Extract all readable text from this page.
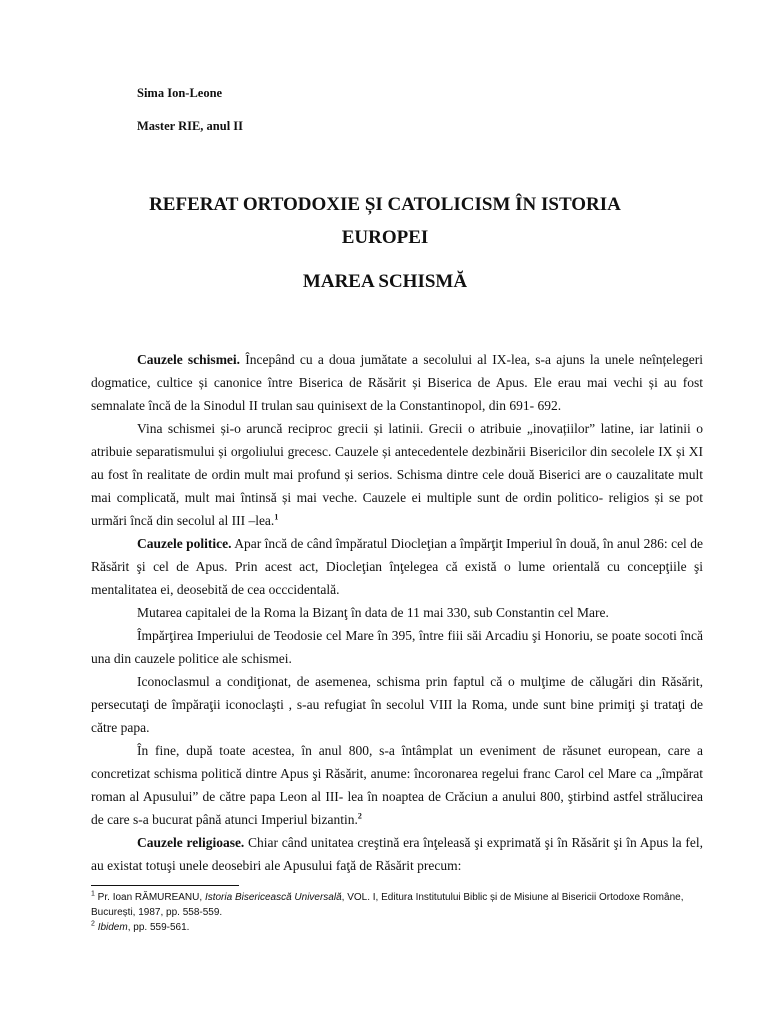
Sima Ion-Leone
Master RIE, anul II
REFERAT ORTODOXIE ȘI CATOLICISM ÎN ISTORIA EUROPEI
MAREA SCHISMĂ

Cauzele schismei. Începând cu a doua jumătate a secolului al IX-lea, s-a ajuns la unele neînțelegeri dogmatice, cultice și canonice între Biserica de Răsărit și Biserica de Apus. Ele erau mai vechi și au fost semnalate încă de la Sinodul II trulan sau quinisext de la Constantinopol, din 691- 692.

Vina schismei și-o aruncă reciproc grecii și latinii. Grecii o atribuie „inovațiilor” latine, iar latinii o atribuie separatismului și orgoliului grecesc. Cauzele și antecedentele dezbinării Bisericilor din secolele IX și XI au fost în realitate de ordin mult mai profund și serios. Schisma dintre cele două Biserici are o cauzalitate mult mai complicată, mult mai întinsă și mai veche. Cauzele ei multiple sunt de ordin politico- religios și se pot urmări încă din secolul al III –lea.$^1$

Cauzele politice. Apar încă de când împăratul Diocleţian a împărţit Imperiul în două, în anul 286: cel de Răsărit şi cel de Apus. Prin acest act, Diocleţian înţelegea că există o lume orientală cu concepţiile şi mentalitatea ei, deosebită de cea occcidentală.

Mutarea capitalei de la Roma la Bizanţ în data de 11 mai 330, sub Constantin cel Mare.

Împărţirea Imperiului de Teodosie cel Mare în 395, între fiii săi Arcadiu şi Honoriu, se poate socoti încă una din cauzele politice ale schismei.

Iconoclasmul a condiţionat, de asemenea, schisma prin faptul că o mulţime de călugări din Răsărit, persecutaţi de împăraţii iconoclaşti , s-au refugiat în secolul VIII la Roma, unde sunt bine primiţi şi trataţi de către papa.

În fine, după toate acestea, în anul 800, s-a întâmplat un eveniment de răsunet european, care a concretizat schisma politică dintre Apus şi Răsărit, anume: încoronarea regelui franc Carol cel Mare ca „împărat roman al Apusului” de către papa Leon al III- lea în noaptea de Crăciun a anului 800, ştirbind astfel strălucirea de care s-a bucurat până atunci Imperiul bizantin.$^2$

Cauzele religioase. Chiar când unitatea creştină era înţeleasă şi exprimată şi în Răsărit şi în Apus la fel, au existat totuşi unele deosebiri ale Apusului faţă de Răsărit precum:

$^1$ Pr. Ioan RĂMUREANU, Istoria Bisericească Universală, VOL. I, Editura Institutului Biblic și de Misiune al Bisericii Ortodoxe Române, București, 1987, pp. 558-559.

$^2$ Ibidem, pp. 559-561.
